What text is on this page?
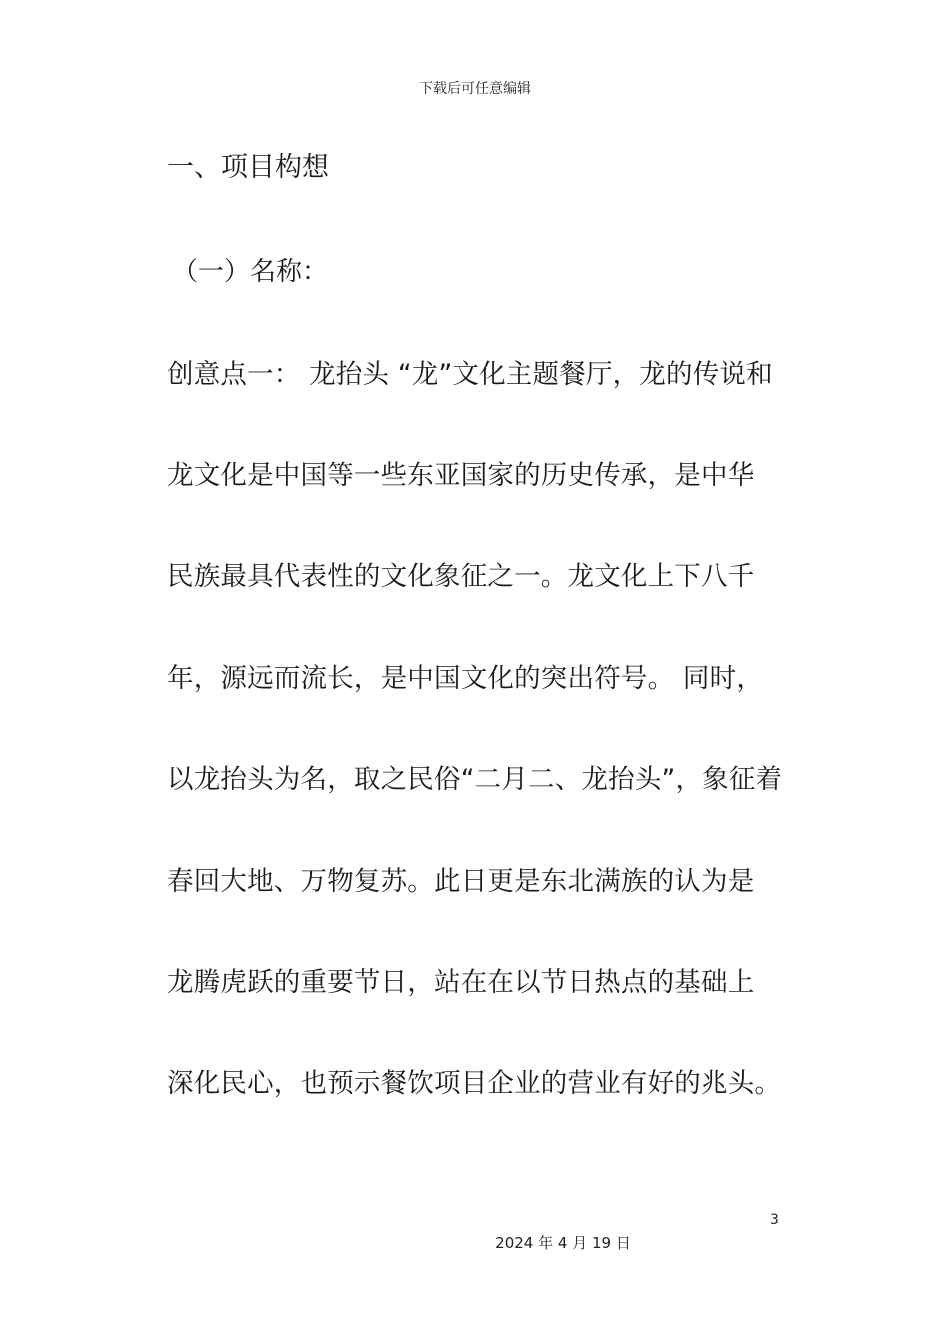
下载后可任意编辑
一、项目构想
（一）名称：
创意点一： 龙抬头 “龙”文化主题餐厅，龙的传说和
龙文化是中国等一些东亚国家的历史传承，是中华
民族最具代表性的文化象征之一。龙文化上下八千
年，源远而流长，是中国文化的突出符号。 同时，
以龙抬头为名，取之民俗“二月二、龙抬头”，象征着
春回大地、万物复苏。此日更是东北满族的认为是
龙腾虎跃的重要节日，站在在以节日热点的基础上
深化民心，也预示餐饮项目企业的营业有好的兆头。
3
2024 年 4 月 19 日
